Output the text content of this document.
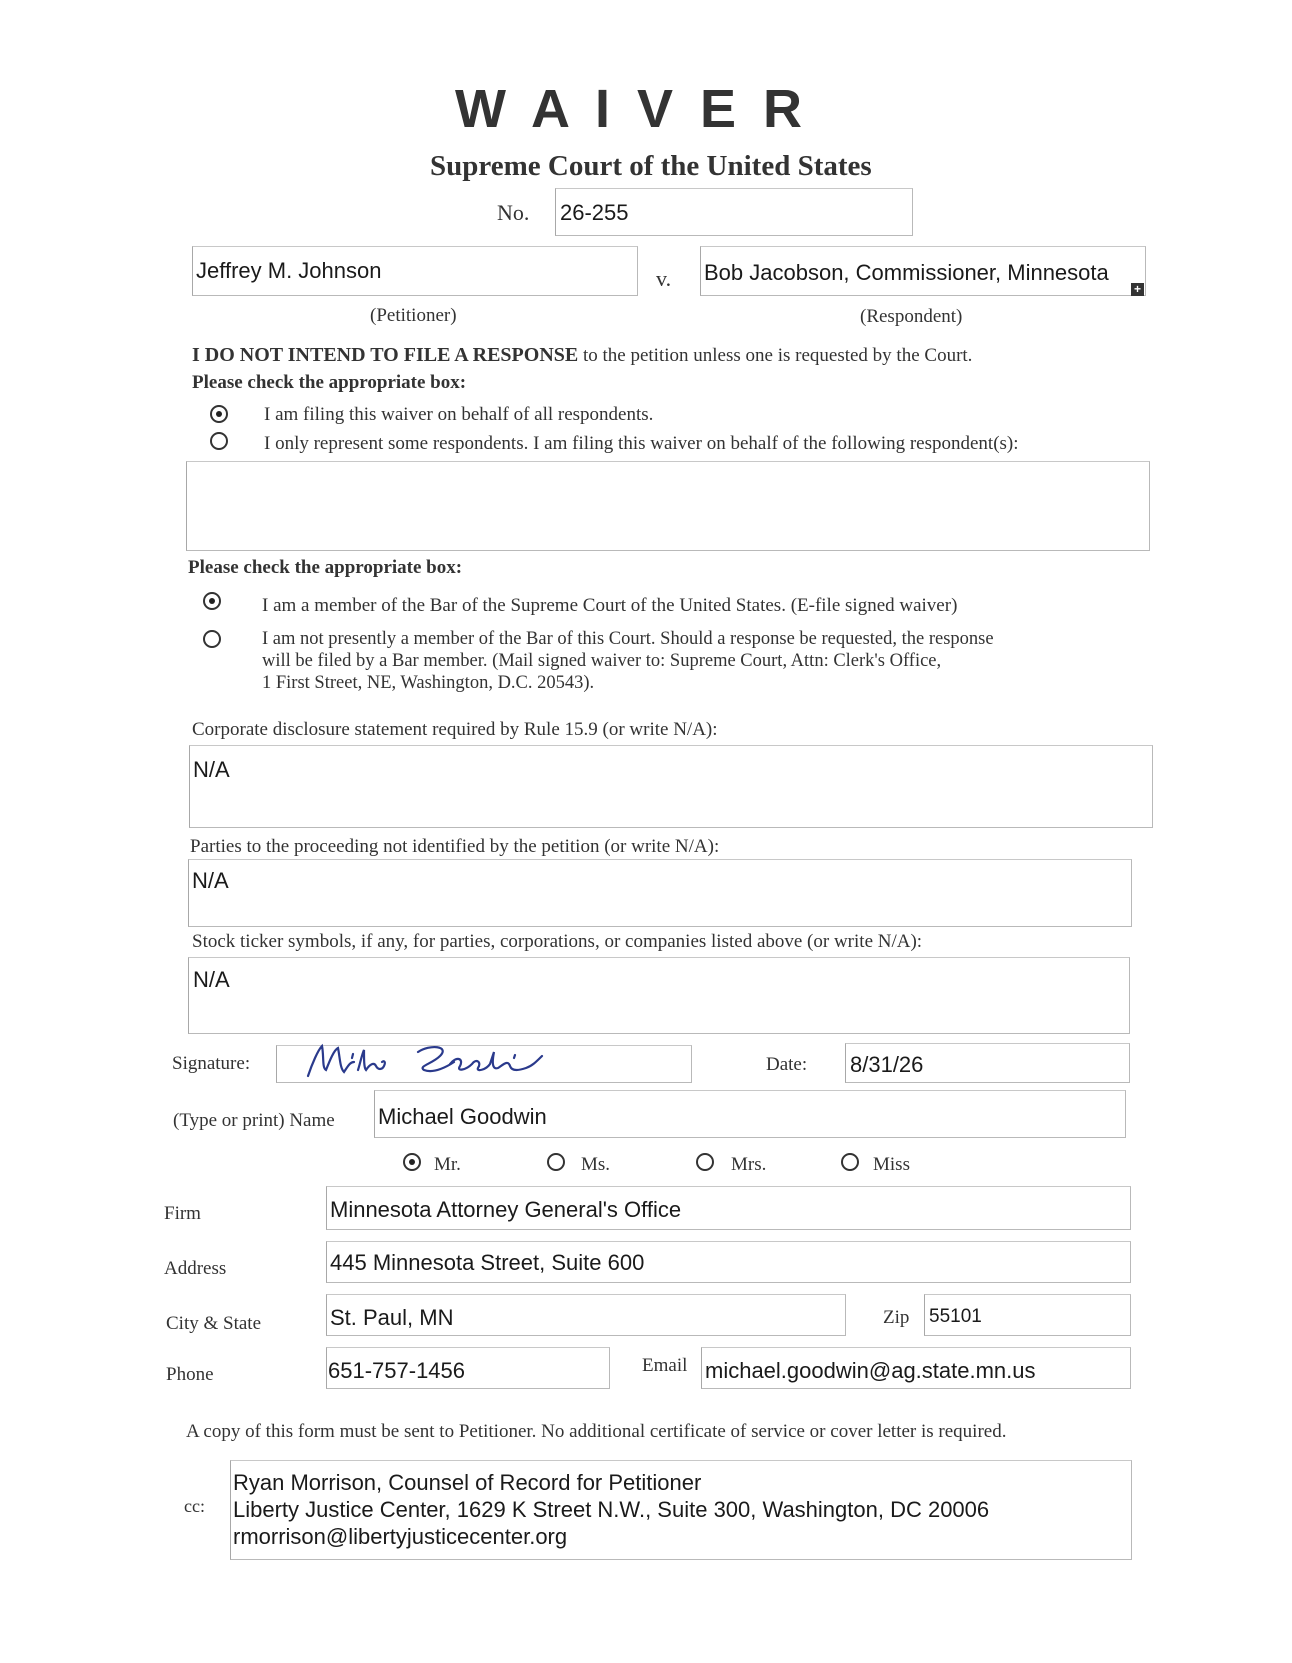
W A I V E R
Supreme Court of the United States
No. 26-255
Jeffrey M. Johnson	v. Bob Jacobson, Commissioner, Minnesota
+
(Petitioner)	(Respondent)
I DO NOT INTEND TO FILE A RESPONSE to the petition unless one is requested by the Court.
Please check the appropriate box:
I am filing this waiver on behalf of all respondents.
I only represent some respondents. I am filing this waiver on behalf of the following respondent(s):
Please check the appropriate box:
I am a member of the Bar of the Supreme Court of the United States. (E-file signed waiver)
I am not presently a member of the Bar of this Court. Should a response be requested, the response
will be filed by a Bar member. (Mail signed waiver to: Supreme Court, Attn: Clerk's Office,
1 First Street, NE, Washington, D.C. 20543).
Corporate disclosure statement required by Rule 15.9 (or write N/A):
N/A
Parties to the proceeding not identified by the petition (or write N/A):
N/A
Stock ticker symbols, if any, for parties, corporations, or companies listed above (or write N/A):
N/A
Signature:	Date: 8/31/26
(Type or print) Name Michael Goodwin
Mr.	Ms.	Mrs.	Miss
Firm	Minnesota Attorney General's Office
Address	445 Minnesota Street, Suite 600
City & State	St. Paul, MN	Zip 55101
Phone	651-757-1456	Email michael.goodwin@ag.state.mn.us
A copy of this form must be sent to Petitioner. No additional certificate of service or cover letter is required.
cc:
Ryan Morrison, Counsel of Record for Petitioner
Liberty Justice Center, 1629 K Street N.W., Suite 300, Washington, DC 20006
rmorrison@libertyjusticecenter.org
